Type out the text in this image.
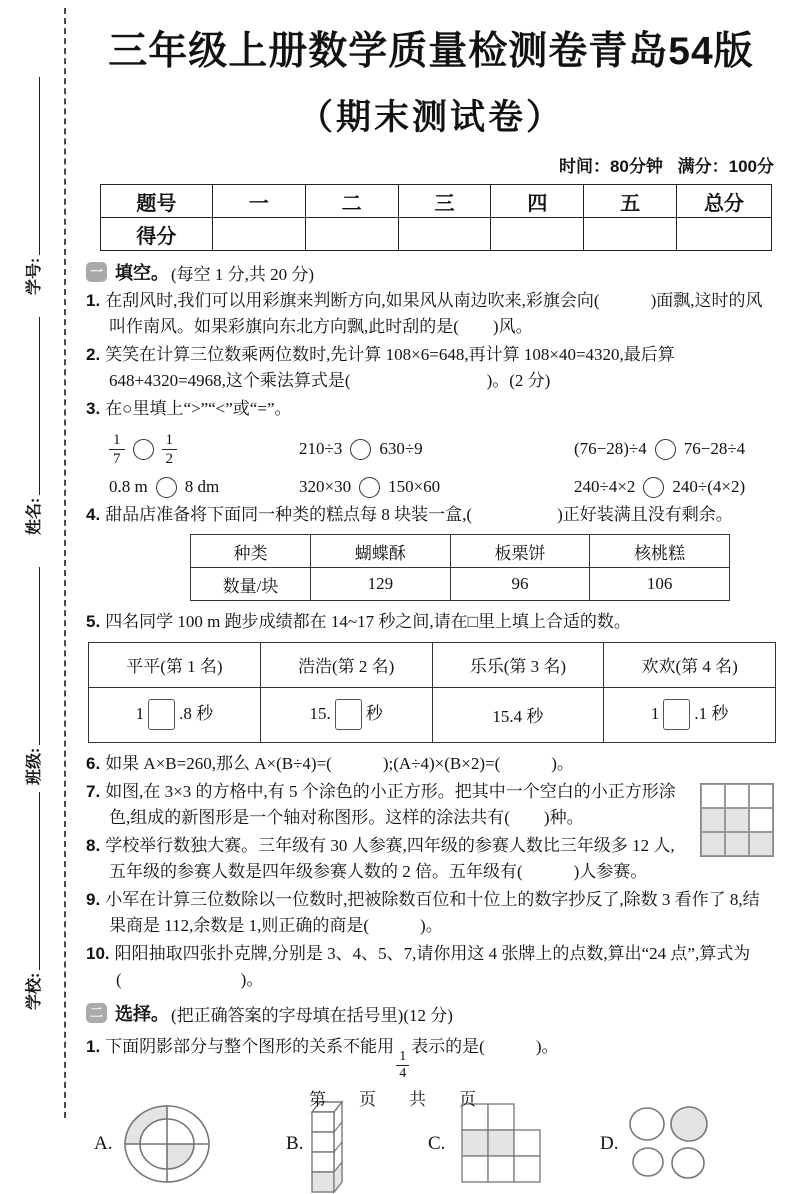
学号:
姓名:
班级:
学校:
三年级上册数学质量检测卷青岛54版
（期末测试卷）
时间：80分钟 满分：100分
题号	一	二	三	四	五	总分
得分						
一 填空。 (每空 1 分,共 20 分)
1. 在刮风时,我们可以用彩旗来判断方向,如果风从南边吹来,彩旗会向(　　　)面飘,这时的风叫作南风。如果彩旗向东北方向飘,此时刮的是(　　)风。
2. 笑笑在计算三位数乘两位数时,先计算 108×6=648,再计算 108×40=4320,最后算 648+4320=4968,这个乘法算式是(　　　　　　　　)。(2 分)
3. 在○里填上“>”“<”或“=”。
$\frac{1}{7} \frac{1}{2}$	210÷3 630÷9	(76−28)÷4 76−28÷4
0.8 m 8 dm	320×30 150×60	240÷4×2 240÷(4×2)
4. 甜品店准备将下面同一种类的糕点每 8 块装一盒,(　　　　　)正好装满且没有剩余。
种类	蝴蝶酥	板栗饼	核桃糕
数量/块	129	96	106
5. 四名同学 100 m 跑步成绩都在 14~17 秒之间,请在□里上填上合适的数。
平平(第 1 名)	浩浩(第 2 名)	乐乐(第 3 名)	欢欢(第 4 名)
1 .8 秒	15. 秒	15.4 秒	1 .1 秒
6. 如果 A×B=260,那么 A×(B÷4)=(　　　);(A÷4)×(B×2)=(　　　)。
7. 如图,在 3×3 的方格中,有 5 个涂色的小正方形。把其中一个空白的小正方形涂色,组成的新图形是一个轴对称图形。这样的涂法共有(　　)种。
8. 学校举行数独大赛。三年级有 30 人参赛,四年级的参赛人数比三年级多 12 人,五年级的参赛人数是四年级参赛人数的 2 倍。五年级有(　　　)人参赛。
9. 小军在计算三位数除以一位数时,把被除数百位和十位上的数字抄反了,除数 3 看作了 8,结果商是 112,余数是 1,则正确的商是(　　　)。
10. 阳阳抽取四张扑克牌,分别是 3、4、5、7,请你用这 4 张牌上的点数,算出“24 点”,算式为(　　　　　　　)。
二 选择。 (把正确答案的字母填在括号里)(12 分)
1. 下面阴影部分与整个图形的关系不能用
$\frac{1}{4}$
表示的是(　　　)。
A.	B.	C.	D.
第　页　共　页
